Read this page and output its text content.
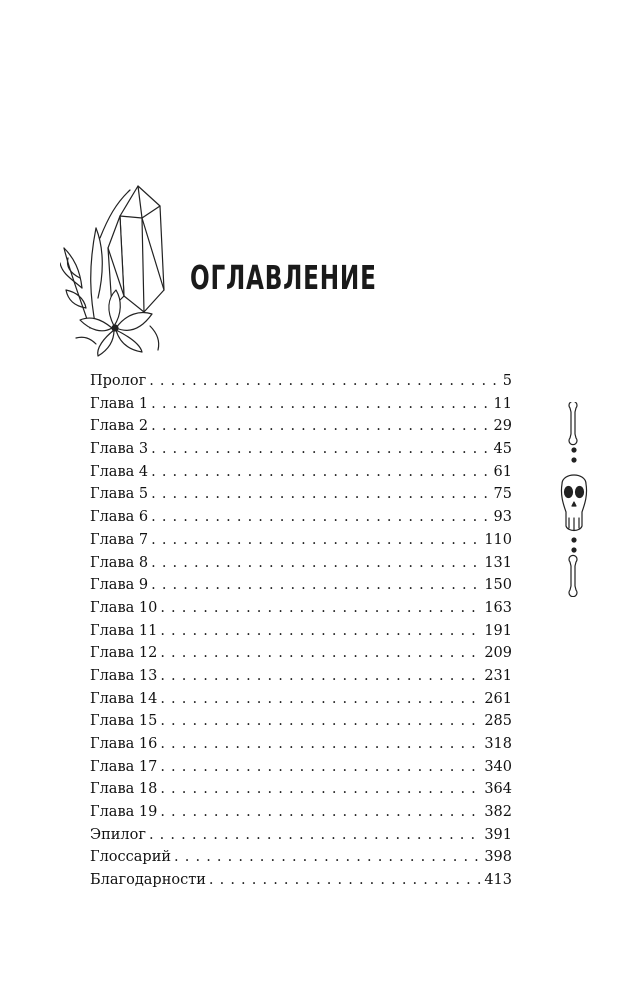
ОГЛАВЛЕНИЕ
Пролог . . .	5
Глава 1 . . .	11
Глава 2 . . .	29
Глава 3 . . .	45
Глава 4 . . .	61
Глава 5 . . .	75
Глава 6 . . .	93
Глава 7 . . .	110
Глава 8 . . .	131
Глава 9 . . .	150
Глава 10 . . .	163
Глава 11 . . .	191
Глава 12 . . .	209
Глава 13 . . .	231
Глава 14 . . .	261
Глава 15 . . .	285
Глава 16 . . .	318
Глава 17 . . .	340
Глава 18 . . .	364
Глава 19 . . .	382
Эпилог . . .	391
Глоссарий . . .	398
Благодарности . . .	413
